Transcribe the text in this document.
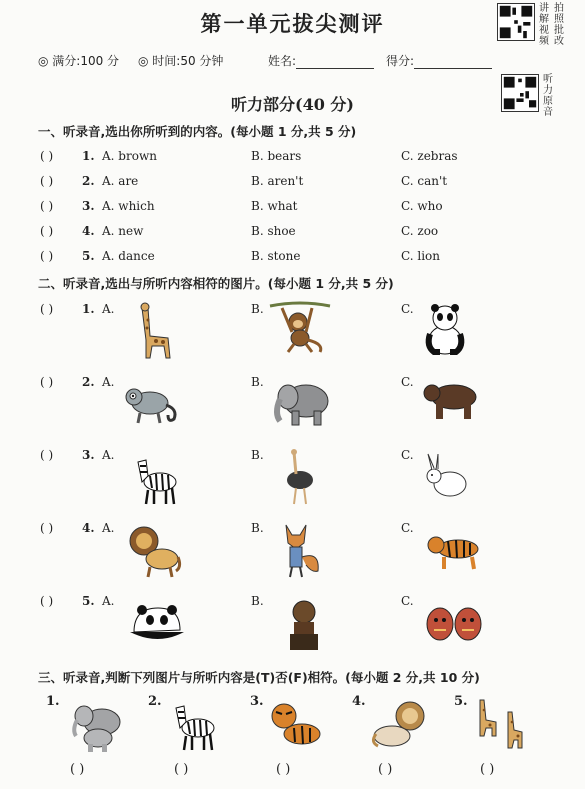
第一单元拔尖测评
讲解视频
拍照批改
听力原音
◎ 满分:100 分 ◎ 时间:50 分钟	姓名:	得分:
听力部分(40 分)
一、听录音,选出你所听到的内容。(每小题 1 分,共 5 分)
( ) 1. A. brown	B. bears	C. zebras
( ) 2. A. are	B. aren't	C. can't
( ) 3. A. which	B. what	C. who
( ) 4. A. new	B. shoe	C. zoo
( ) 5. A. dance	B. stone	C. lion
二、听录音,选出与所听内容相符的图片。(每小题 1 分,共 5 分)
( ) 1. A.	B.	C.
( ) 2. A.	B.	C.
( ) 3. A.	B.	C.
( ) 4. A.	B.	C.
( ) 5. A.	B.	C.
三、听录音,判断下列图片与所听内容是(T)否(F)相符。(每小题 2 分,共 10 分)
1.
( )
2.
( )
3.
( )
4.
( )
5.
( )
